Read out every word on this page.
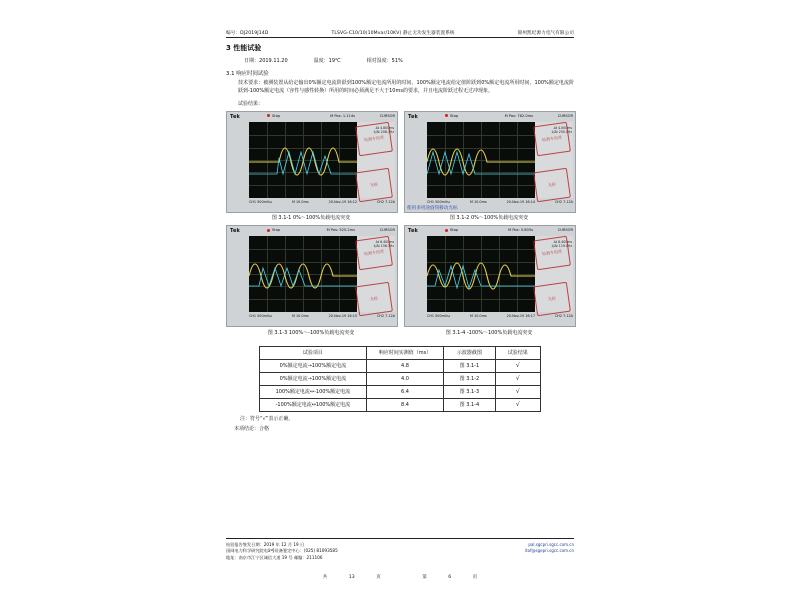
编号：DJ2019J14D	TLSVG-C10/10(10Mvar/10KV) 静止无功发生器装置系统	锦州凯纪源力电气有限公司
3 性能试验
日期：2019.11.20	温度：19℃	相对湿度：51%
3.1 响应时间试验
技术要求：被测装置从给定输出0%额定电流阶跃到100%额定电流所用的时间、100%额定电流给定值阶跃到0%额定电流所用时间、100%额定电流阶跃到-100%额定电流（容性与感性转换）所用的时间必须满足不大于10ms的要求，并且电流阶跃过程无过冲现象。
试验结果：
Tek	Stop	M Pos: 1.114s	CURSOR
Δt 4.800ms
1/Δt 208.3Hz
检测专用章
光标
CH1 500mVω	M 10.0ms	20-Nov-19 16:12	CH2 7.12A
图 3.1-1 0%～100%负载电流突变
Tek	Stop	M Pos: 762.0ms	CURSOR
Δt 4.000ms
1/Δt 250.0Hz
检测专用章
光标
CH1 500mVω	M 10.0ms	20-Nov-19 16:14	CH2 7.12A
使用多用途旋钮移动光标
图 3.1-2 0%～100%负载电流突变
Tek	Stop	M Pos: 525.2ms	CURSOR
Δt 6.400ms
1/Δt 156.3Hz
检测专用章
光标
CH1 500mVω	M 10.0ms	20-Nov-19 16:15	CH2 7.12A
图 3.1-3 100%～-100%负载电流突变
Tek	Stop	M Pos: 5.805s	CURSOR
Δt 8.400ms
1/Δt 119.0Hz
检测专用章
光标
CH1 500mVω	M 10.0ms	20-Nov-19 16:17	CH2 7.12A
图 3.1-4 -100%～100%负载电流突变
试验项目	响应时间实测值（ms）	示波器截图	试验结果
0%额定电流→100%额定电流	4.8	图 3.1-1	√
0%额定电流→100%额定电流	4.0	图 3.1-2	√
100%额定电流↔-100%额定电流	6.4	图 3.1-3	√
-100%额定电流↔100%额定电流	8.4	图 3.1-4	√
注：符号“√”表示正确。
本项结论：合格
检验报告签发日期：2019 年 12 月 19 日
国网电力科学研究院电äº§设备鉴定中心：(025) 81093585
地址：南京市江宁区诚信大道 19 号 邮编：211106
pal.sgcpri.sgcc.com.cn
itof@sgepri.sgcc.com.cn
共	13	页	第	6	页
